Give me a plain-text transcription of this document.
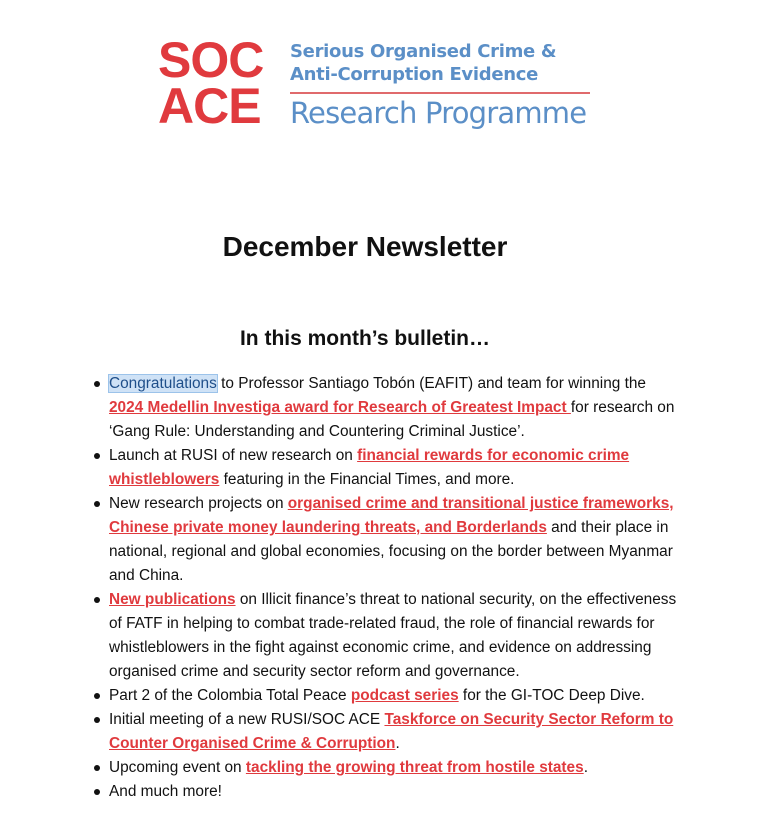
SOC
ACE
Serious Organised Crime &
Anti-Corruption Evidence
Research Programme
December Newsletter
In this month’s bulletin…
Congratulations to Professor Santiago Tobón (EAFIT) and team for winning the 2024 Medellin Investiga award for Research of Greatest Impact for research on ‘Gang Rule: Understanding and Countering Criminal Justice’.
Launch at RUSI of new research on financial rewards for economic crime whistleblowers featuring in the Financial Times, and more.
New research projects on organised crime and transitional justice frameworks, Chinese private money laundering threats, and Borderlands and their place in national, regional and global economies, focusing on the border between Myanmar and China.
New publications on Illicit finance’s threat to national security, on the effectiveness of FATF in helping to combat trade-related fraud, the role of financial rewards for whistleblowers in the fight against economic crime, and evidence on addressing organised crime and security sector reform and governance.
Part 2 of the Colombia Total Peace podcast series for the GI-TOC Deep Dive.
Initial meeting of a new RUSI/SOC ACE Taskforce on Security Sector Reform to Counter Organised Crime & Corruption.
Upcoming event on tackling the growing threat from hostile states.
And much more!
